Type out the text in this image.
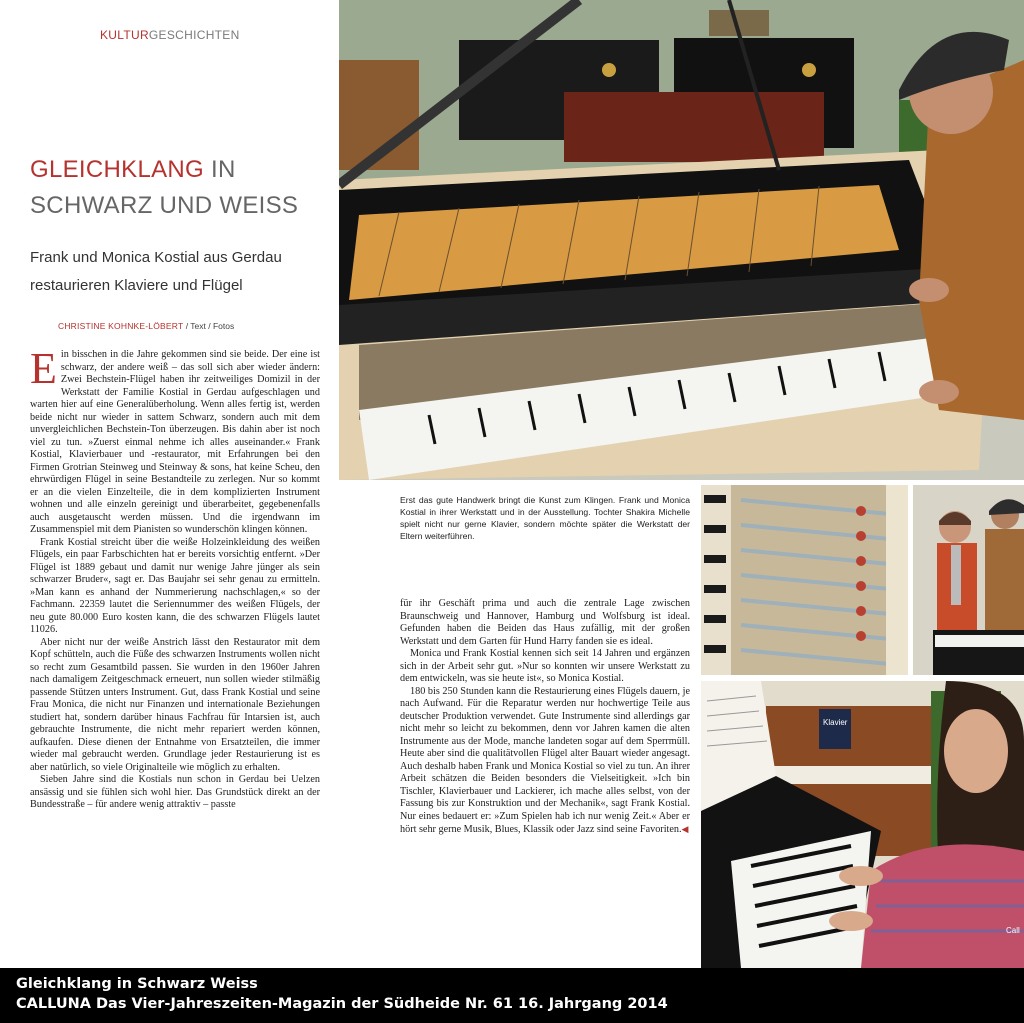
KULTURGESCHICHTEN
GLEICHKLANG IN
SCHWARZ UND WEISS
Frank und Monica Kostial aus Gerdau restaurieren Klaviere und Flügel
CHRISTINE KOHNKE-LÖBERT / Text / Fotos

Ein bisschen in die Jahre gekommen sind sie beide. Der eine ist schwarz, der andere weiß – das soll sich aber wieder ändern: Zwei Bechstein-Flügel haben ihr zeitweiliges Domizil in der Werkstatt der Familie Kostial in Gerdau aufgeschlagen und warten hier auf eine Generalüberholung. Wenn alles fertig ist, werden beide nicht nur wieder in sattem Schwarz, sondern auch mit dem unvergleichlichen Bechstein-Ton überzeugen. Bis dahin aber ist noch viel zu tun. »Zuerst einmal nehme ich alles auseinander.« Frank Kostial, Klavierbauer und -restaurator, mit Erfahrungen bei den Firmen Grotrian Steinweg und Steinway & sons, hat keine Scheu, den ehrwürdigen Flügel in seine Bestandteile zu zerlegen. Nur so kommt er an die vielen Einzelteile, die in dem komplizierten Instrument wohnen und alle einzeln gereinigt und überarbeitet, gegebenenfalls auch ausgetauscht werden müssen. Und die irgendwann im Zusammenspiel mit dem Pianisten so wunderschön klingen können.

Frank Kostial streicht über die weiße Holzeinkleidung des weißen Flügels, ein paar Farbschichten hat er bereits vorsichtig entfernt. »Der Flügel ist 1889 gebaut und damit nur wenige Jahre jünger als sein schwarzer Bruder«, sagt er. Das Baujahr sei sehr genau zu ermitteln. »Man kann es anhand der Nummerierung nachschlagen,« so der Fachmann. 22359 lautet die Seriennummer des weißen Flügels, der neu gute 80.000 Euro kosten kann, die des schwarzen Flügels lautet 11026.

Aber nicht nur der weiße Anstrich lässt den Restaurator mit dem Kopf schütteln, auch die Füße des schwarzen Instruments wollen nicht so recht zum Gesamtbild passen. Sie wurden in den 1960er Jahren nach damaligem Zeitgeschmack erneuert, nun sollen wieder stilmäßig passende Stützen unters Instrument. Gut, dass Frank Kostial und seine Frau Monica, die nicht nur Finanzen und internationale Beziehungen studiert hat, sondern darüber hinaus Fachfrau für Intarsien ist, auch gebrauchte Instrumente, die nicht mehr repariert werden können, aufkaufen. Diese dienen der Entnahme von Ersatzteilen, die immer wieder mal gebraucht werden. Grundlage jeder Restaurierung ist es aber natürlich, so viele Originalteile wie möglich zu erhalten.

Sieben Jahre sind die Kostials nun schon in Gerdau bei Uelzen ansässig und sie fühlen sich wohl hier. Das Grundstück direkt an der Bundesstraße – für andere wenig attraktiv – passte

Erst das gute Handwerk bringt die Kunst zum Klingen. Frank und Monica Kostial in ihrer Werkstatt und in der Ausstellung. Tochter Shakira Michelle spielt nicht nur gerne Klavier, sondern möchte später die Werkstatt der Eltern weiterführen.

für ihr Geschäft prima und auch die zentrale Lage zwischen Braunschweig und Hannover, Hamburg und Wolfsburg ist ideal. Gefunden haben die Beiden das Haus zufällig, mit der großen Werkstatt und dem Garten für Hund Harry fanden sie es ideal.

Monica und Frank Kostial kennen sich seit 14 Jahren und ergänzen sich in der Arbeit sehr gut. »Nur so konnten wir unsere Werkstatt zu dem entwickeln, was sie heute ist«, so Monica Kostial.

180 bis 250 Stunden kann die Restaurierung eines Flügels dauern, je nach Aufwand. Für die Reparatur werden nur hochwertige Teile aus deutscher Produktion verwendet. Gute Instrumente sind allerdings gar nicht mehr so leicht zu bekommen, denn vor Jahren kamen die alten Instrumente aus der Mode, manche landeten sogar auf dem Sperrmüll. Heute aber sind die qualitätvollen Flügel alter Bauart wieder angesagt. Auch deshalb haben Frank und Monica Kostial so viel zu tun. An ihrer Arbeit schätzen die Beiden besonders die Vielseitigkeit. »Ich bin Tischler, Klavierbauer und Lackierer, ich mache alles selbst, von der Fassung bis zur Konstruktion und der Mechanik«, sagt Frank Kostial. Nur eines bedauert er: »Zum Spielen hab ich nur wenig Zeit.« Aber er hört sehr gerne Musik, Blues, Klassik oder Jazz sind seine Favoriten.◀

Klavier
Call
Gleichklang in Schwarz Weiss
CALLUNA Das Vier-Jahreszeiten-Magazin der Südheide Nr. 61 16. Jahrgang 2014
